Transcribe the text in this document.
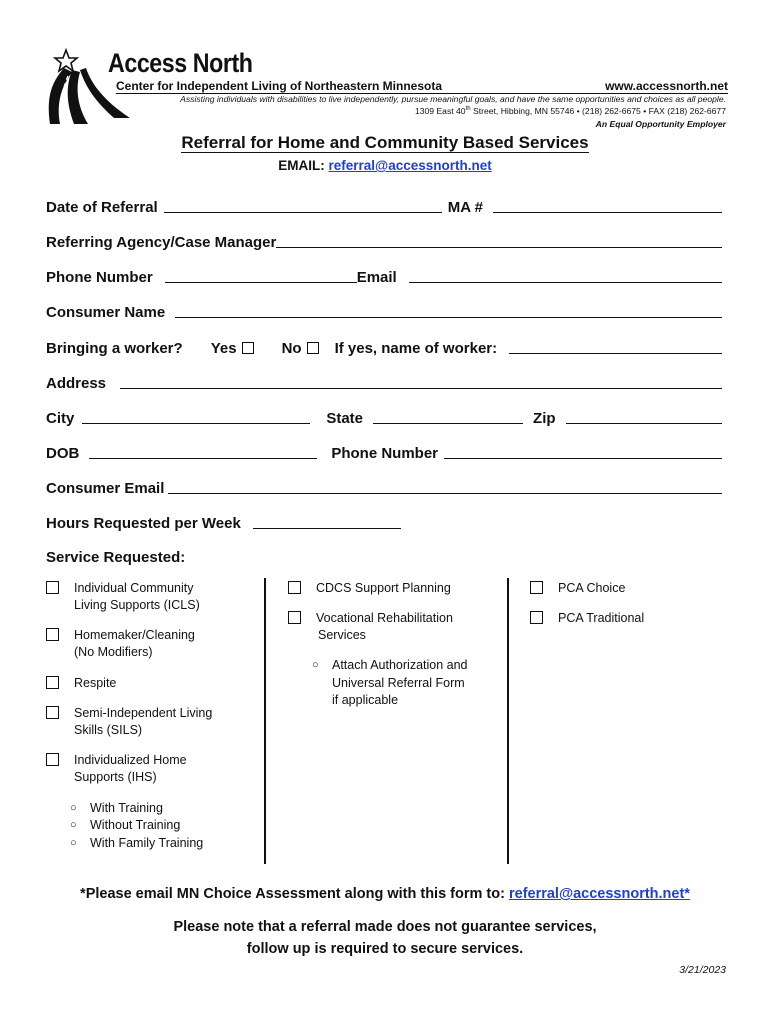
Access North
Center for Independent Living of Northeastern Minnesota	www.accessnorth.net
Assisting individuals with disabilities to live independently, pursue meaningful goals, and have the same opportunities and choices as all people.
1309 East 40th Street, Hibbing, MN 55746 • (218) 262-6675 • FAX (218) 262-6677
An Equal Opportunity Employer
Referral for Home and Community Based Services
EMAIL: referral@accessnorth.net
Date of Referral	MA #
Referring Agency/Case Manager
Phone Number	Email
Consumer Name
Bringing a worker? Yes	No If yes, name of worker:
Address
City	State	Zip
DOB	Phone Number
Consumer Email
Hours Requested per Week
Service Requested:
Individual Community
Living Supports (ICLS)
Homemaker/Cleaning
(No Modifiers)
Respite
Semi-Independent Living
Skills (SILS)
Individualized Home
Supports (IHS)
○ With Training
○ Without Training
○ With Family Training
CDCS Support Planning
Vocational Rehabilitation
Services
○ Attach Authorization and
Universal Referral Form
if applicable
PCA Choice
PCA Traditional
*Please email MN Choice Assessment along with this form to: referral@accessnorth.net*
Please note that a referral made does not guarantee services,
follow up is required to secure services.
3/21/2023
